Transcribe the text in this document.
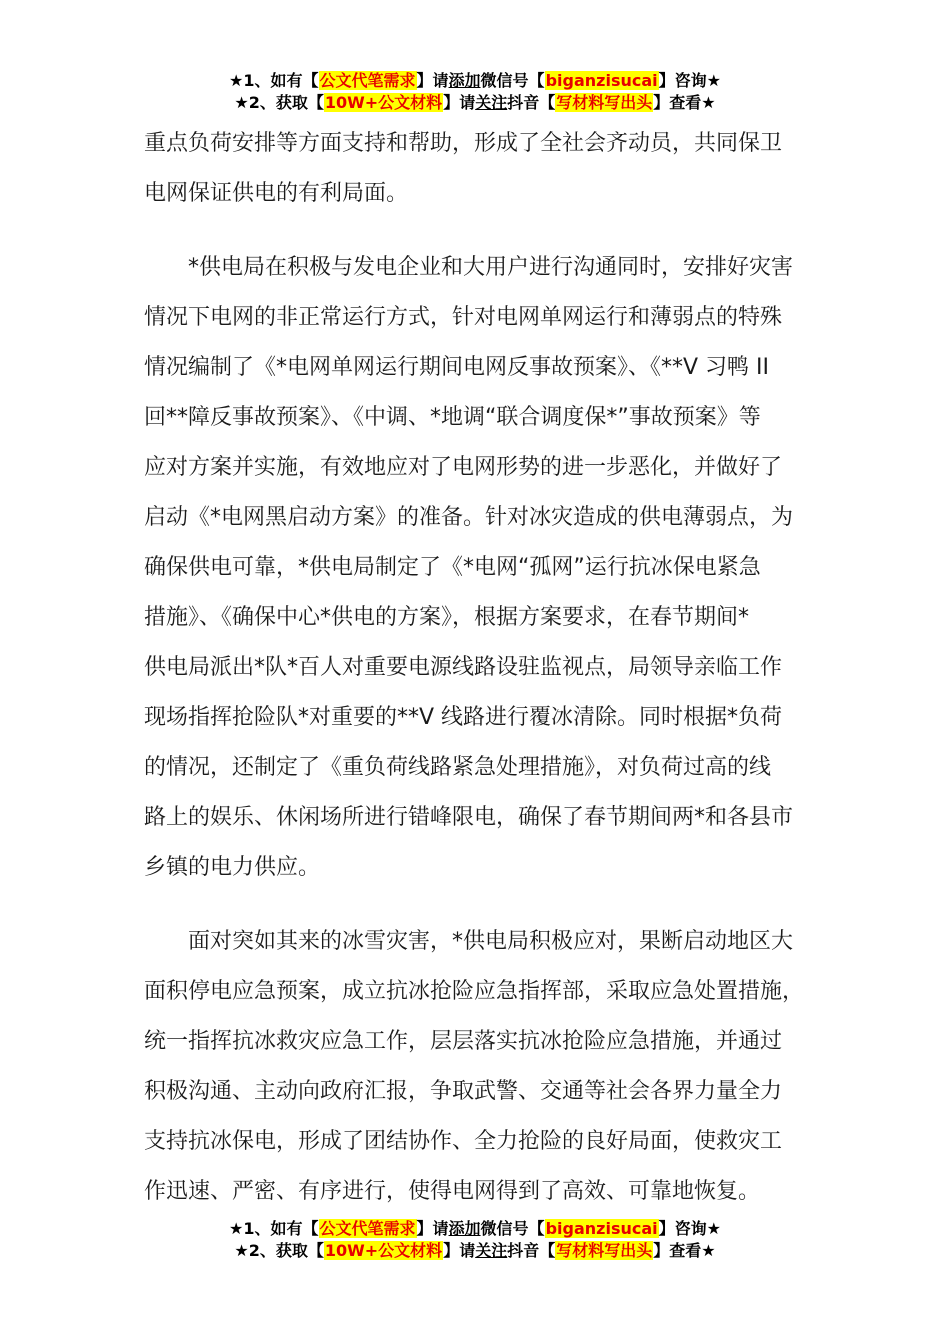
★1、如有【公文代笔需求】请添加微信号【biganzisucai】咨询★
★2、获取【10W+公文材料】请关注抖音【写材料写出头】查看★
重点负荷安排等方面支持和帮助，形成了全社会齐动员，共同保卫
电网保证供电的有利局面。
*供电局在积极与发电企业和大用户进行沟通同时，安排好灾害
情况下电网的非正常运行方式，针对电网单网运行和薄弱点的特殊
情况编制了《*电网单网运行期间电网反事故预案》、《**V 习鸭 II
回**障反事故预案》、《中调、*地调“联合调度保*”事故预案》等
应对方案并实施，有效地应对了电网形势的进一步恶化，并做好了
启动《*电网黑启动方案》的准备。针对冰灾造成的供电薄弱点，为
确保供电可靠，*供电局制定了《*电网“孤网”运行抗冰保电紧急
措施》、《确保中心*供电的方案》，根据方案要求，在春节期间*
供电局派出*队*百人对重要电源线路设驻监视点，局领导亲临工作
现场指挥抢险队*对重要的**V 线路进行覆冰清除。同时根据*负荷
的情况，还制定了《重负荷线路紧急处理措施》，对负荷过高的线
路上的娱乐、休闲场所进行错峰限电，确保了春节期间两*和各县市
乡镇的电力供应。
面对突如其来的冰雪灾害，*供电局积极应对，果断启动地区大
面积停电应急预案，成立抗冰抢险应急指挥部，采取应急处置措施，
统一指挥抗冰救灾应急工作，层层落实抗冰抢险应急措施，并通过
积极沟通、主动向政府汇报，争取武警、交通等社会各界力量全力
支持抗冰保电，形成了团结协作、全力抢险的良好局面，使救灾工
作迅速、严密、有序进行，使得电网得到了高效、可靠地恢复。
★1、如有【公文代笔需求】请添加微信号【biganzisucai】咨询★
★2、获取【10W+公文材料】请关注抖音【写材料写出头】查看★
